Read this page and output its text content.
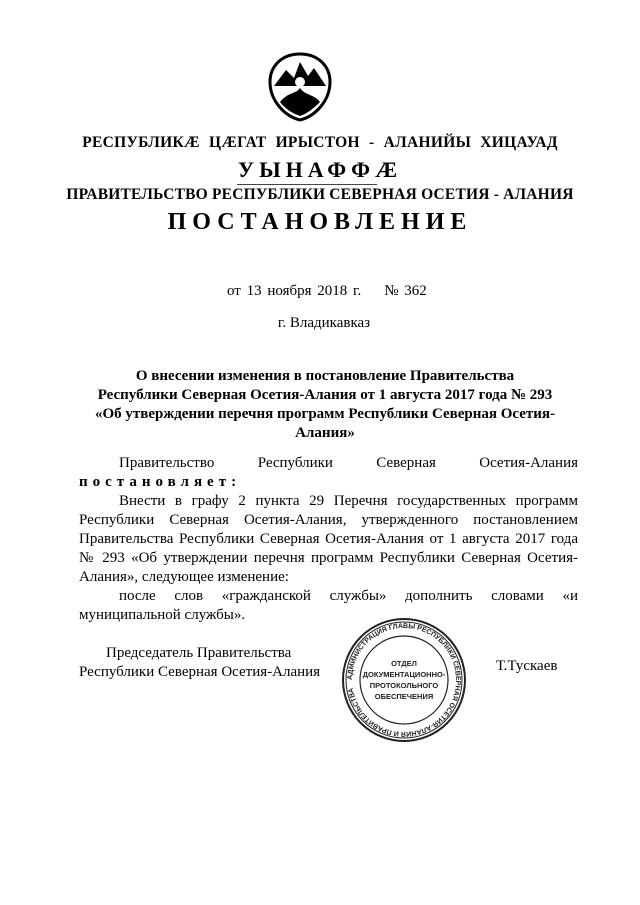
РЕСПУБЛИКÆ ЦÆГАТ ИРЫСТОН - АЛАНИЙЫ ХИЦАУАД
УЫНАФФÆ
ПРАВИТЕЛЬСТВО РЕСПУБЛИКИ СЕВЕРНАЯ ОСЕТИЯ - АЛАНИЯ
ПОСТАНОВЛЕНИЕ
от 13 ноября 2018 г. № 362
г. Владикавказ
О внесении изменения в постановление Правительства
Республики Северная Осетия-Алания от 1 августа 2017 года № 293
«Об утверждении перечня программ Республики Северная Осетия-
Алания»

Правительство Республики Северная Осетия-Алания постановляет:

Внести в графу 2 пункта 29 Перечня государственных программ Республики Северная Осетия-Алания, утвержденного постановлением Правительства Республики Северная Осетия-Алания от 1 августа 2017 года № 293 «Об утверждении перечня программ Республики Северная Осетия-Алания», следующее изменение:

после слов «гражданской службы» дополнить словами «и муниципальной службы».

Председатель Правительства
Республики Северная Осетия-Алания	АДМИНИСТРАЦИЯ ГЛАВЫ РЕСПУБЛИКИ СЕВЕРНАЯ ОСЕТИЯ-АЛАНИЯ И ПРАВИТЕЛЬСТВА
ОТДЕЛ
ДОКУМЕНТАЦИОННО-
ПРОТОКОЛЬНОГО
ОБЕСПЕЧЕНИЯ
Т.Тускаев
